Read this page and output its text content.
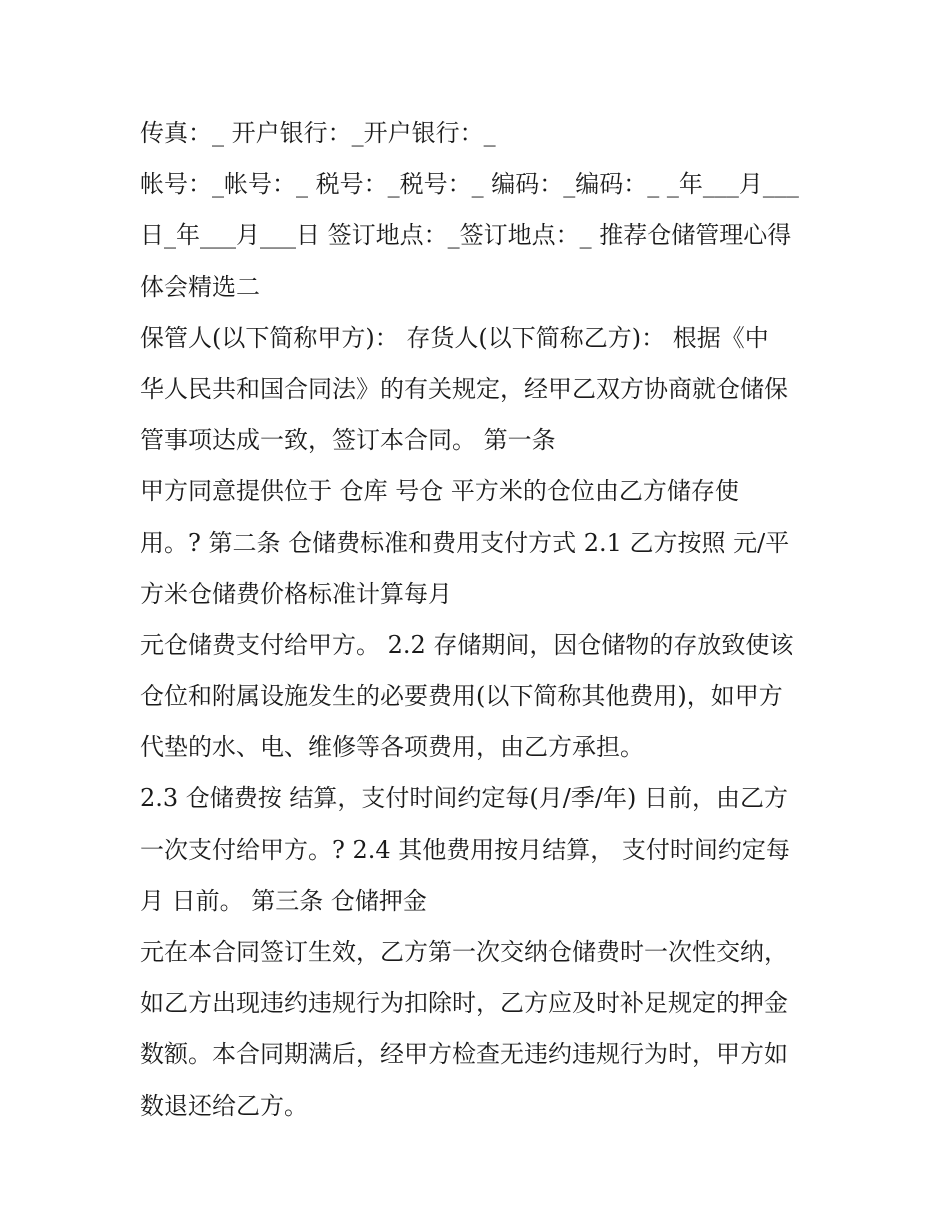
传真：_ 开户银行：_开户银行：_
帐号：_帐号：_ 税号：_税号：_ 编码：_编码：_ _年___月___
日_年___月___日 签订地点：_签订地点：_ 推荐仓储管理心得
体会精选二
保管人(以下简称甲方)： 存货人(以下简称乙方)： 根据《中
华人民共和国合同法》的有关规定，经甲乙双方协商就仓储保
管事项达成一致，签订本合同。 第一条
甲方同意提供位于 仓库 号仓 平方米的仓位由乙方储存使
用。? 第二条 仓储费标准和费用支付方式 2.1 乙方按照 元/平
方米仓储费价格标准计算每月
元仓储费支付给甲方。 2.2 存储期间，因仓储物的存放致使该
仓位和附属设施发生的必要费用(以下简称其他费用)，如甲方
代垫的水、电、维修等各项费用，由乙方承担。
2.3 仓储费按 结算，支付时间约定每(月/季/年) 日前，由乙方
一次支付给甲方。? 2.4 其他费用按月结算， 支付时间约定每
月 日前。 第三条 仓储押金
元在本合同签订生效，乙方第一次交纳仓储费时一次性交纳，
如乙方出现违约违规行为扣除时，乙方应及时补足规定的押金
数额。本合同期满后，经甲方检查无违约违规行为时，甲方如
数退还给乙方。
